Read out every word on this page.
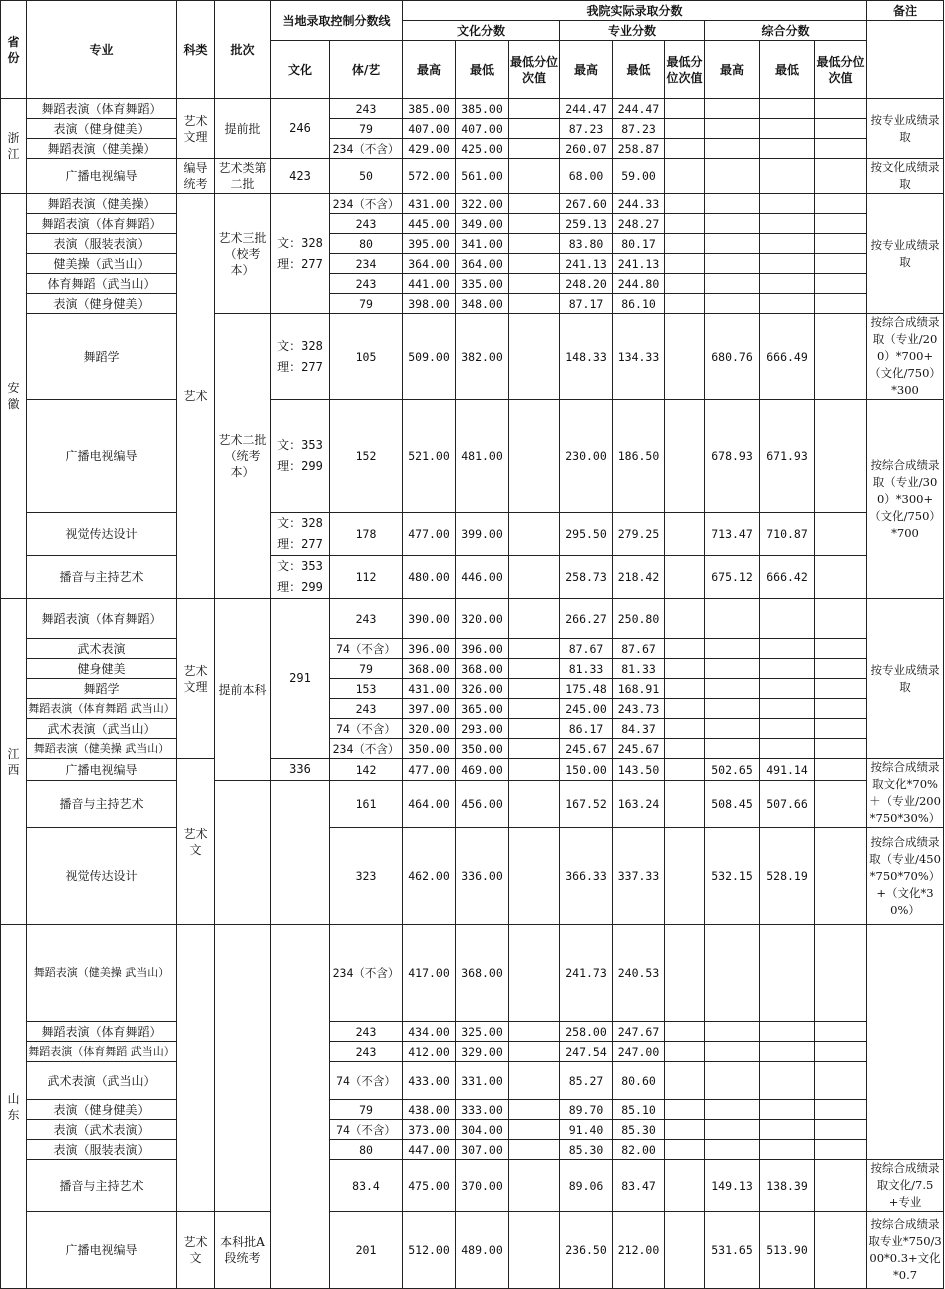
省份	专业	科类	批次	当地录取控制分数线		我院实际录取分数									备注
						文化分数			专业分数			综合分数			
				文化	体/艺	最高	最低	最低分位次值	最高	最低	最低分位次值	最高	最低	最低分位次值	
浙江	舞蹈表演（体育舞蹈）	艺术文理	提前批	246	243	385.00	385.00		244.47	244.47					按专业成绩录取
	表演（健身健美）				79	407.00	407.00		87.23	87.23					
	舞蹈表演（健美操）				234（不含）	429.00	425.00		260.07	258.87					
	广播电视编导	编导统考	艺术类第二批	423	50	572.00	561.00		68.00	59.00					按文化成绩录取
安徽	舞蹈表演（健美操）	艺术	艺术三批（校考本）	文：328
理：277	234（不含）	431.00	322.00		267.60	244.33					按专业成绩录取
	舞蹈表演（体育舞蹈）				243	445.00	349.00		259.13	248.27					
	表演（服装表演）				80	395.00	341.00		83.80	80.17					
	健美操（武当山）				234	364.00	364.00		241.13	241.13					
	体育舞蹈（武当山）				243	441.00	335.00		248.20	244.80					
	表演（健身健美）				79	398.00	348.00		87.17	86.10					
	舞蹈学		艺术二批（统考本）	文：328
理：277	105	509.00	382.00		148.33	134.33		680.76	666.49		按综合成绩录取（专业/200）*700+（文化/750）*300
	广播电视编导			文：353
理：299	152	521.00	481.00		230.00	186.50		678.93	671.93		按综合成绩录取（专业/300）*300+（文化/750）*700
	视觉传达设计			文：328
理：277	178	477.00	399.00		295.50	279.25		713.47	710.87		
	播音与主持艺术			文：353
理：299	112	480.00	446.00		258.73	218.42		675.12	666.42		
江西	舞蹈表演（体育舞蹈）	艺术文理	提前本科	291	243	390.00	320.00		266.27	250.80					按专业成绩录取
	武术表演				74（不含）	396.00	396.00		87.67	87.67					
	健身健美				79	368.00	368.00		81.33	81.33					
	舞蹈学				153	431.00	326.00		175.48	168.91					
	舞蹈表演（体育舞蹈 武当山）				243	397.00	365.00		245.00	243.73					
	武术表演（武当山）				74（不含）	320.00	293.00		86.17	84.37					
	舞蹈表演（健美操 武当山）				234（不含）	350.00	350.00		245.67	245.67					
	广播电视编导	艺术文		336	142	477.00	469.00		150.00	143.50		502.65	491.14		按综合成绩录取文化*70%＋（专业/200*750*30%）
	播音与主持艺术				161	464.00	456.00		167.52	163.24		508.45	507.66		
	视觉传达设计				323	462.00	336.00		366.33	337.33		532.15	528.19		按综合成绩录取（专业/450*750*70%）+（文化*30%）
山东	舞蹈表演（健美操 武当山）				234（不含）	417.00	368.00		241.73	240.53					
	舞蹈表演（体育舞蹈）				243	434.00	325.00		258.00	247.67					
	舞蹈表演（体育舞蹈 武当山）				243	412.00	329.00		247.54	247.00					
	武术表演（武当山）				74（不含）	433.00	331.00		85.27	80.60					
	表演（健身健美）				79	438.00	333.00		89.70	85.10					
	表演（武术表演）				74（不含）	373.00	304.00		91.40	85.30					
	表演（服装表演）				80	447.00	307.00		85.30	82.00					
	播音与主持艺术				83.4	475.00	370.00		89.06	83.47		149.13	138.39		按综合成绩录取文化/7.5+专业
	广播电视编导	艺术文	本科批A段统考		201	512.00	489.00		236.50	212.00		531.65	513.90		按综合成绩录取专业*750/300*0.3+文化*0.7
